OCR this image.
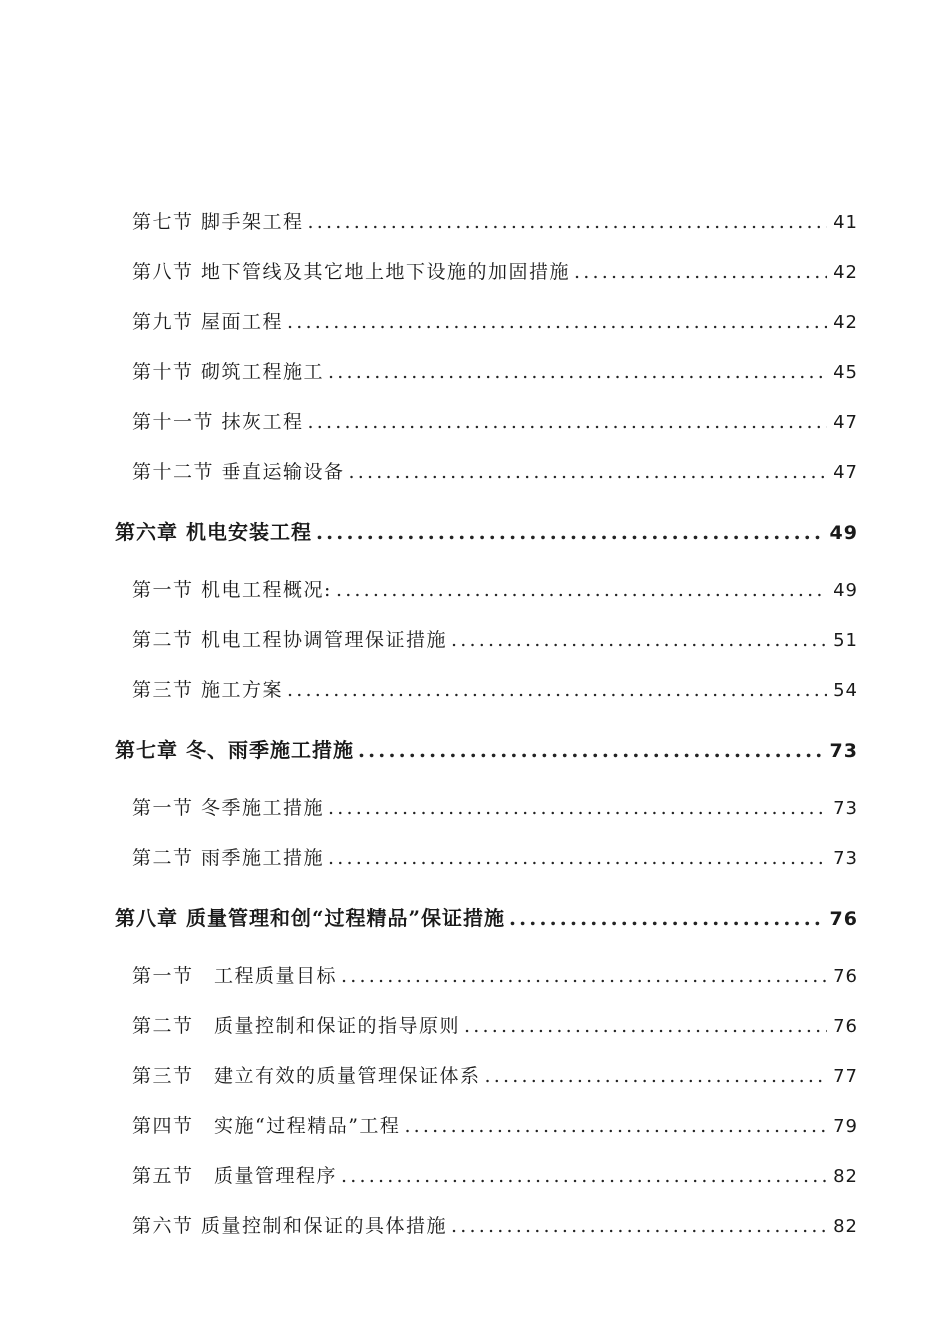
第七节 脚手架工程 .....	41
第八节 地下管线及其它地上地下设施的加固措施 .....	42
第九节 屋面工程 .....	42
第十节 砌筑工程施工 .....	45
第十一节 抹灰工程 .....	47
第十二节 垂直运输设备 .....	47
第六章 机电安装工程 .....	49
第一节 机电工程概况: .....	49
第二节 机电工程协调管理保证措施 .....	51
第三节 施工方案 .....	54
第七章 冬、雨季施工措施 .....	73
第一节 冬季施工措施 .....	73
第二节 雨季施工措施 .....	73
第八章 质量管理和创“过程精品”保证措施 .....	76
第一节　工程质量目标 .....	76
第二节　质量控制和保证的指导原则 .....	76
第三节　建立有效的质量管理保证体系 .....	77
第四节　实施“过程精品”工程 .....	79
第五节　质量管理程序 .....	82
第六节 质量控制和保证的具体措施 .....	82
